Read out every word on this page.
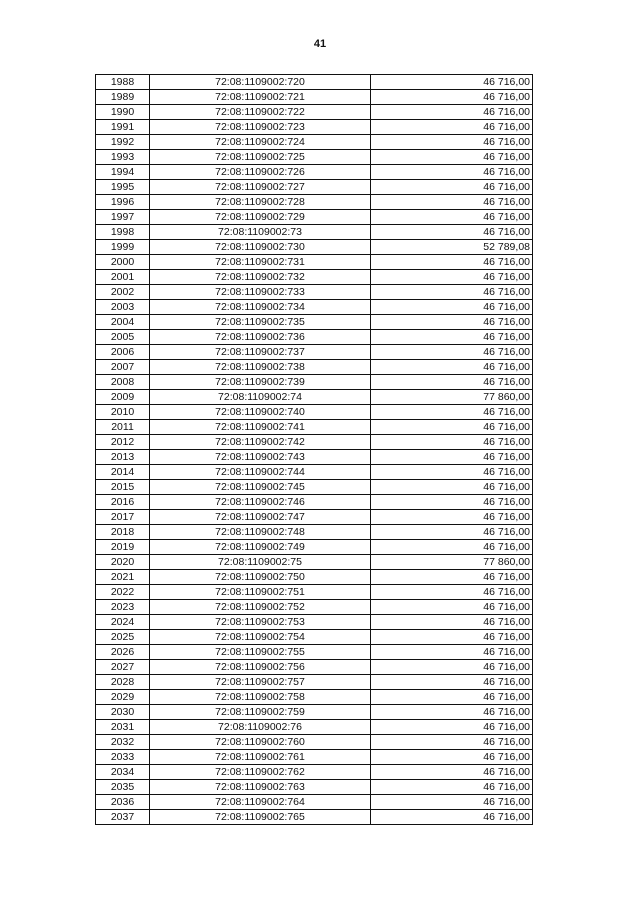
41
1988	72:08:1109002:720	46 716,00
1989	72:08:1109002:721	46 716,00
1990	72:08:1109002:722	46 716,00
1991	72:08:1109002:723	46 716,00
1992	72:08:1109002:724	46 716,00
1993	72:08:1109002:725	46 716,00
1994	72:08:1109002:726	46 716,00
1995	72:08:1109002:727	46 716,00
1996	72:08:1109002:728	46 716,00
1997	72:08:1109002:729	46 716,00
1998	72:08:1109002:73	46 716,00
1999	72:08:1109002:730	52 789,08
2000	72:08:1109002:731	46 716,00
2001	72:08:1109002:732	46 716,00
2002	72:08:1109002:733	46 716,00
2003	72:08:1109002:734	46 716,00
2004	72:08:1109002:735	46 716,00
2005	72:08:1109002:736	46 716,00
2006	72:08:1109002:737	46 716,00
2007	72:08:1109002:738	46 716,00
2008	72:08:1109002:739	46 716,00
2009	72:08:1109002:74	77 860,00
2010	72:08:1109002:740	46 716,00
2011	72:08:1109002:741	46 716,00
2012	72:08:1109002:742	46 716,00
2013	72:08:1109002:743	46 716,00
2014	72:08:1109002:744	46 716,00
2015	72:08:1109002:745	46 716,00
2016	72:08:1109002:746	46 716,00
2017	72:08:1109002:747	46 716,00
2018	72:08:1109002:748	46 716,00
2019	72:08:1109002:749	46 716,00
2020	72:08:1109002:75	77 860,00
2021	72:08:1109002:750	46 716,00
2022	72:08:1109002:751	46 716,00
2023	72:08:1109002:752	46 716,00
2024	72:08:1109002:753	46 716,00
2025	72:08:1109002:754	46 716,00
2026	72:08:1109002:755	46 716,00
2027	72:08:1109002:756	46 716,00
2028	72:08:1109002:757	46 716,00
2029	72:08:1109002:758	46 716,00
2030	72:08:1109002:759	46 716,00
2031	72:08:1109002:76	46 716,00
2032	72:08:1109002:760	46 716,00
2033	72:08:1109002:761	46 716,00
2034	72:08:1109002:762	46 716,00
2035	72:08:1109002:763	46 716,00
2036	72:08:1109002:764	46 716,00
2037	72:08:1109002:765	46 716,00
